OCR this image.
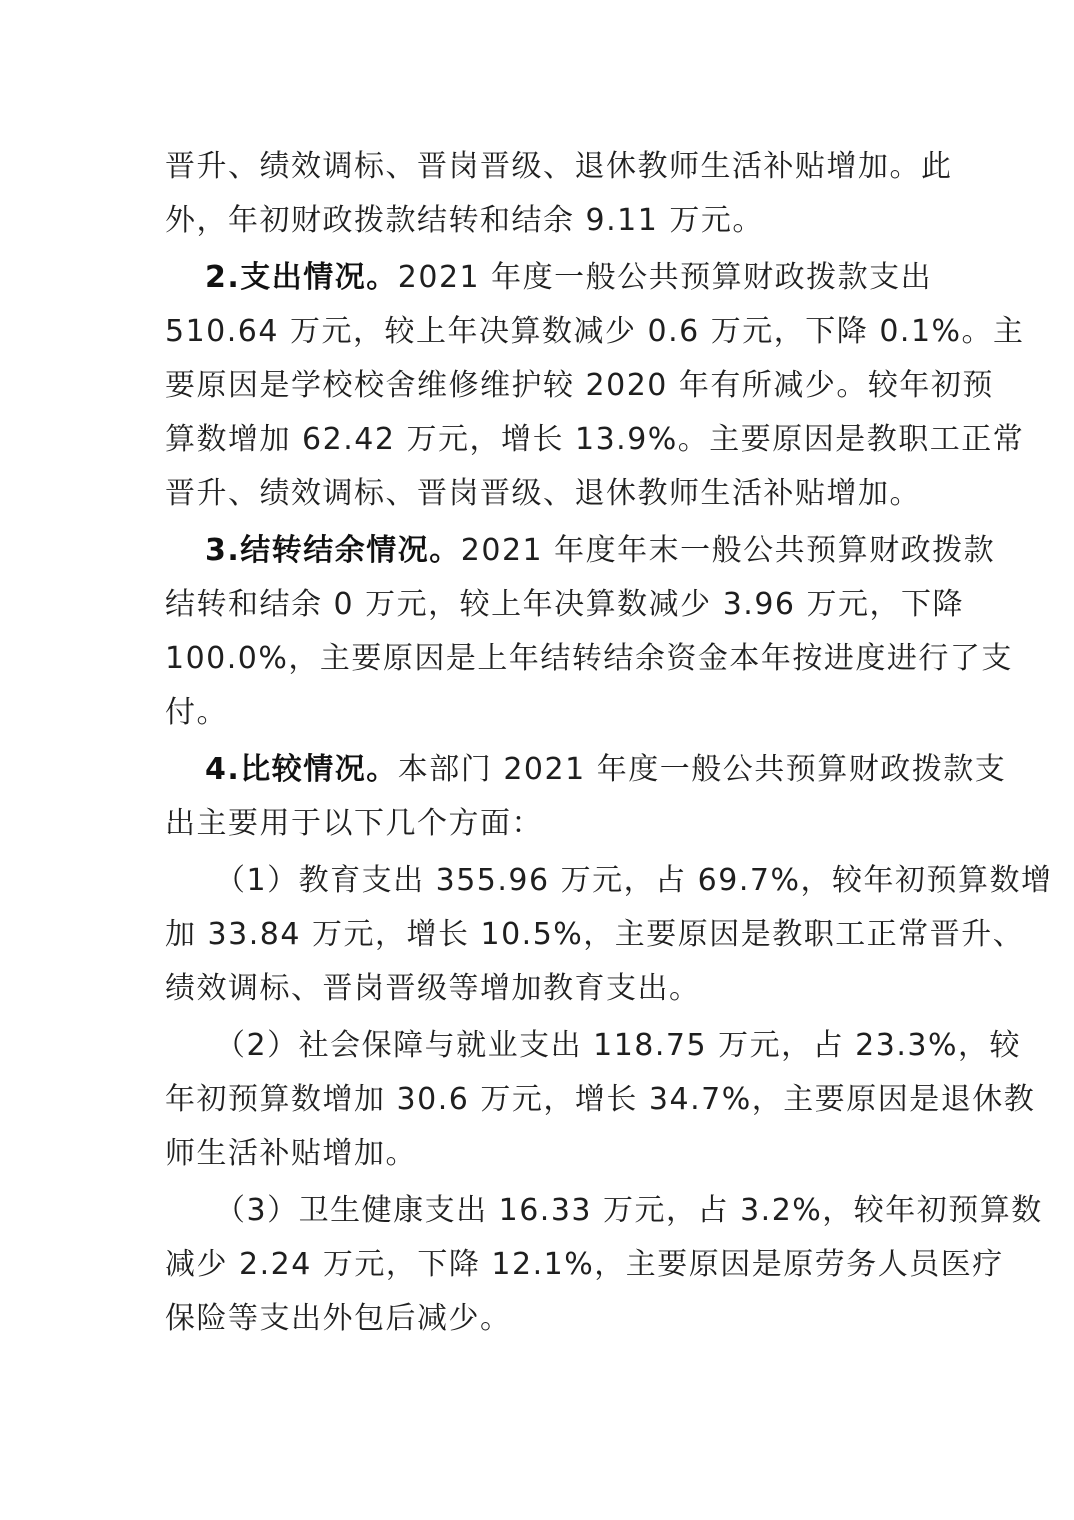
晋升、绩效调标、晋岗晋级、退休教师生活补贴增加。此
外，年初财政拨款结转和结余 9.11 万元。
2.支出情况。2021 年度一般公共预算财政拨款支出
510.64 万元，较上年决算数减少 0.6 万元，下降 0.1%。主
要原因是学校校舍维修维护较 2020 年有所减少。较年初预
算数增加 62.42 万元，增长 13.9%。主要原因是教职工正常
晋升、绩效调标、晋岗晋级、退休教师生活补贴增加。
3.结转结余情况。2021 年度年末一般公共预算财政拨款
结转和结余 0 万元，较上年决算数减少 3.96 万元，下降
100.0%，主要原因是上年结转结余资金本年按进度进行了支
付。
4.比较情况。本部门 2021 年度一般公共预算财政拨款支
出主要用于以下几个方面：
（1）教育支出 355.96 万元，占 69.7%，较年初预算数增
加 33.84 万元，增长 10.5%，主要原因是教职工正常晋升、
绩效调标、晋岗晋级等增加教育支出。
（2）社会保障与就业支出 118.75 万元，占 23.3%，较
年初预算数增加 30.6 万元，增长 34.7%，主要原因是退休教
师生活补贴增加。
（3）卫生健康支出 16.33 万元，占 3.2%，较年初预算数
减少 2.24 万元，下降 12.1%，主要原因是原劳务人员医疗
保险等支出外包后减少。
